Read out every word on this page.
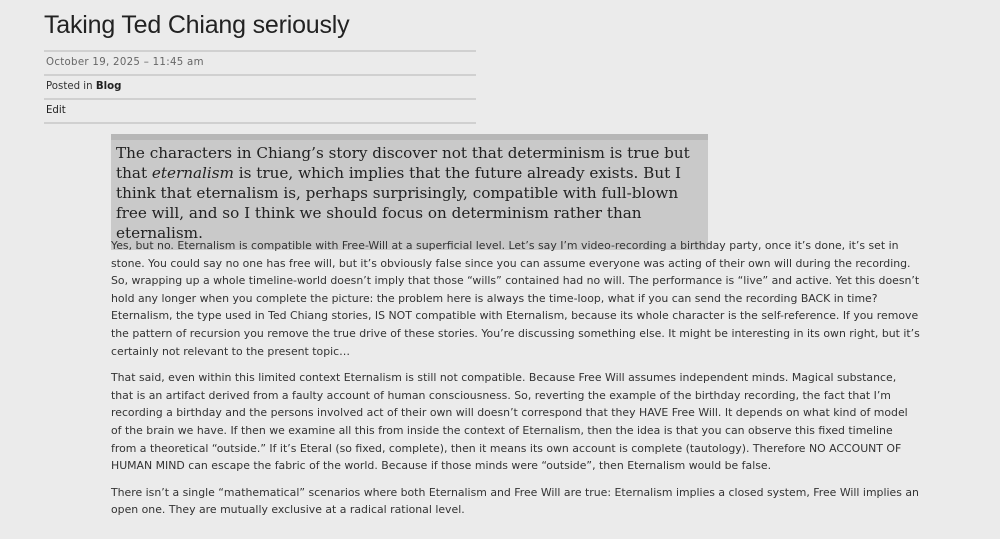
Taking Ted Chiang seriously
October 19, 2025 – 11:45 am
Posted in Blog
Edit

The characters in Chiang’s story discover not that determinism is true but that eternalism is true, which implies that the future already exists. But I think that eternalism is, perhaps surprisingly, compatible with full-blown free will, and so I think we should focus on determinism rather than eternalism.

Yes, but no. Eternalism is compatible with Free-Will at a superficial level. Let’s say I’m video-recording a birthday party, once it’s done, it’s set in stone. You could say no one has free will, but it’s obviously false since you can assume everyone was acting of their own will during the recording. So, wrapping up a whole timeline-world doesn’t imply that those “wills” contained had no will. The performance is “live” and active. Yet this doesn’t hold any longer when you complete the picture: the problem here is always the time-loop, what if you can send the recording BACK in time? Eternalism, the type used in Ted Chiang stories, IS NOT compatible with Eternalism, because its whole character is the self-reference. If you remove the pattern of recursion you remove the true drive of these stories. You’re discussing something else. It might be interesting in its own right, but it’s certainly not relevant to the present topic…

That said, even within this limited context Eternalism is still not compatible. Because Free Will assumes independent minds. Magical substance, that is an artifact derived from a faulty account of human consciousness. So, reverting the example of the birthday recording, the fact that I’m recording a birthday and the persons involved act of their own will doesn’t correspond that they HAVE Free Will. It depends on what kind of model of the brain we have. If then we examine all this from inside the context of Eternalism, then the idea is that you can observe this fixed timeline from a theoretical “outside.” If it’s Eteral (so fixed, complete), then it means its own account is complete (tautology). Therefore NO ACCOUNT OF HUMAN MIND can escape the fabric of the world. Because if those minds were “outside”, then Eternalism would be false.

There isn’t a single “mathematical” scenarios where both Eternalism and Free Will are true: Eternalism implies a closed system, Free Will implies an open one. They are mutually exclusive at a radical rational level.
